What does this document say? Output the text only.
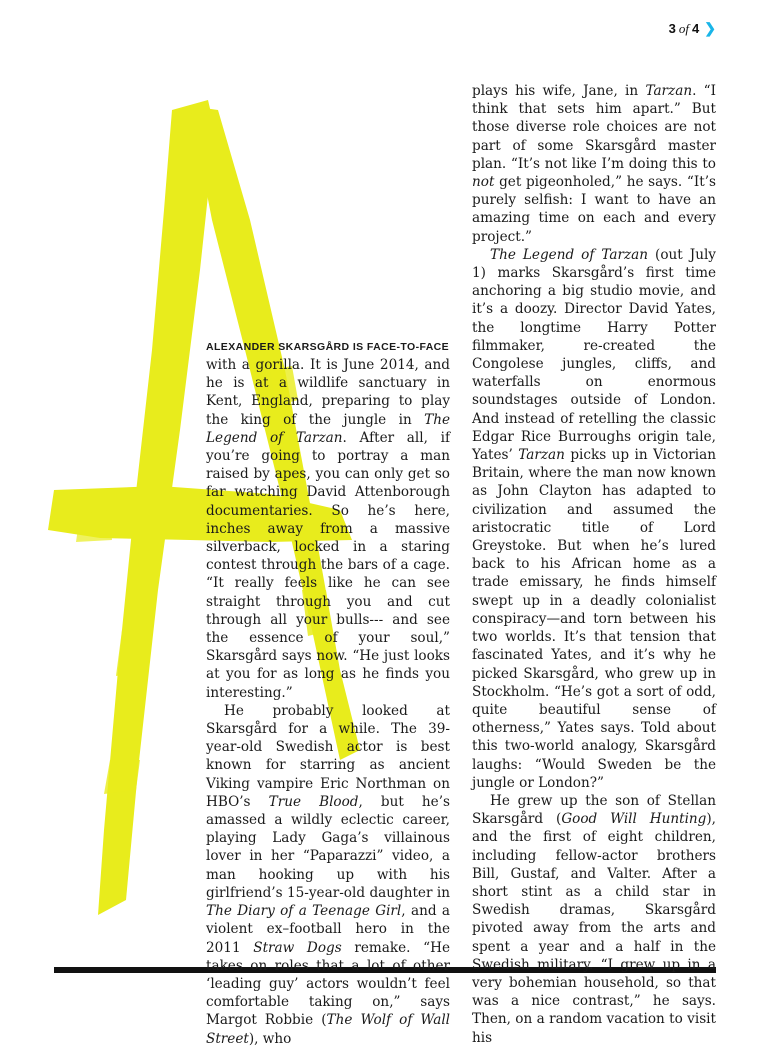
3 of 4 ❯

ALEXANDER SKARSGÅRD IS FACE-TO-FACE
with a gorilla. It is June 2014, and he is at a wildlife sanctuary in Kent, England, preparing to play the king of the jungle in The Legend of Tarzan. After all, if you’re going to portray a man raised by apes, you can only get so far watching David Attenborough documentaries. So he’s here, inches away from a massive silverback, locked in a staring contest through the bars of a cage. “It really feels like he can see straight through you and cut through all your bulls--- and see the essence of your soul,” Skarsgård says now. “He just looks at you for as long as he finds you interesting.”

He probably looked at Skarsgård for a while. The 39-year-old Swedish actor is best known for starring as ancient Viking vampire Eric Northman on HBO’s True Blood, but he’s amassed a wildly eclectic career, playing Lady Gaga’s villainous lover in her “Paparazzi” video, a man hooking up with his girlfriend’s 15-year-old daughter in The Diary of a Teenage Girl, and a violent ex–football hero in the 2011 Straw Dogs remake. “He takes on roles that a lot of other ‘leading guy’ actors wouldn’t feel comfortable taking on,” says Margot Robbie (The Wolf of Wall Street), who

plays his wife, Jane, in Tarzan. “I think that sets him apart.” But those diverse role choices are not part of some Skarsgård master plan. “It’s not like I’m doing this to not get pigeonholed,” he says. “It’s purely selfish: I want to have an amazing time on each and every project.”

The Legend of Tarzan (out July 1) marks Skarsgård’s first time anchoring a big studio movie, and it’s a doozy. Director David Yates, the longtime Harry Potter filmmaker, re-created the Congolese jungles, cliffs, and waterfalls on enormous soundstages outside of London. And instead of retelling the classic Edgar Rice Burroughs origin tale, Yates’ Tarzan picks up in Victorian Britain, where the man now known as John Clayton has adapted to civilization and assumed the aristocratic title of Lord Greystoke. But when he’s lured back to his African home as a trade emissary, he finds himself swept up in a deadly colonialist conspiracy—and torn between his two worlds. It’s that tension that fascinated Yates, and it’s why he picked Skarsgård, who grew up in Stockholm. “He’s got a sort of odd, quite beautiful sense of otherness,” Yates says. Told about this two-world analogy, Skarsgård laughs: “Would Sweden be the jungle or London?”

He grew up the son of Stellan Skarsgård (Good Will Hunting), and the first of eight children, including fellow-actor brothers Bill, Gustaf, and Valter. After a short stint as a child star in Swedish dramas, Skarsgård pivoted away from the arts and spent a year and a half in the Swedish military. “I grew up in a very bohemian household, so that was a nice contrast,” he says. Then, on a random vacation to visit his
